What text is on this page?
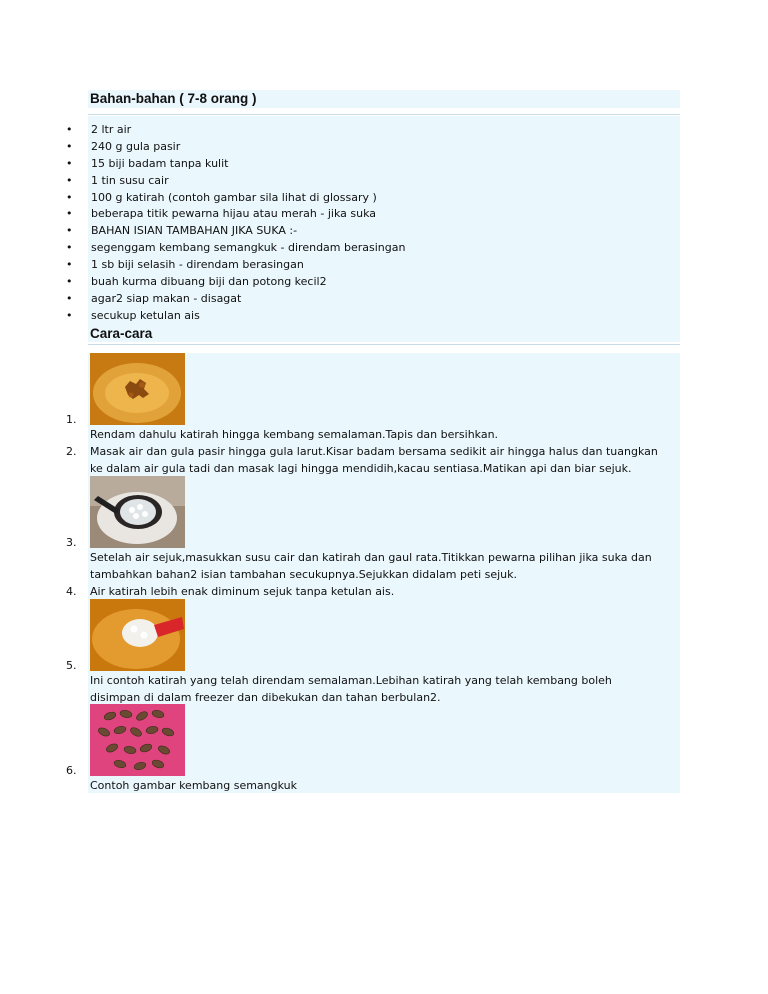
Bahan-bahan ( 7-8 orang )
• 2 ltr air
• 240 g gula pasir
• 15 biji badam tanpa kulit
• 1 tin susu cair
• 100 g katirah (contoh gambar sila lihat di glossary )
• beberapa titik pewarna hijau atau merah - jika suka
• BAHAN ISIAN TAMBAHAN JIKA SUKA :-
• segenggam kembang semangkuk - direndam berasingan
• 1 sb biji selasih - direndam berasingan
• buah kurma dibuang biji dan potong kecil2
• agar2 siap makan - disagat
• secukup ketulan ais
Cara-cara
1.
Rendam dahulu katirah hingga kembang semalaman.Tapis dan bersihkan.
2. Masak air dan gula pasir hingga gula larut.Kisar badam bersama sedikit air hingga halus dan tuangkan
ke dalam air gula tadi dan masak lagi hingga mendidih,kacau sentiasa.Matikan api dan biar sejuk.
3.
Setelah air sejuk,masukkan susu cair dan katirah dan gaul rata.Titikkan pewarna pilihan jika suka dan
tambahkan bahan2 isian tambahan secukupnya.Sejukkan didalam peti sejuk.
4. Air katirah lebih enak diminum sejuk tanpa ketulan ais.
5.
Ini contoh katirah yang telah direndam semalaman.Lebihan katirah yang telah kembang boleh
disimpan di dalam freezer dan dibekukan dan tahan berbulan2.
6.
Contoh gambar kembang semangkuk
